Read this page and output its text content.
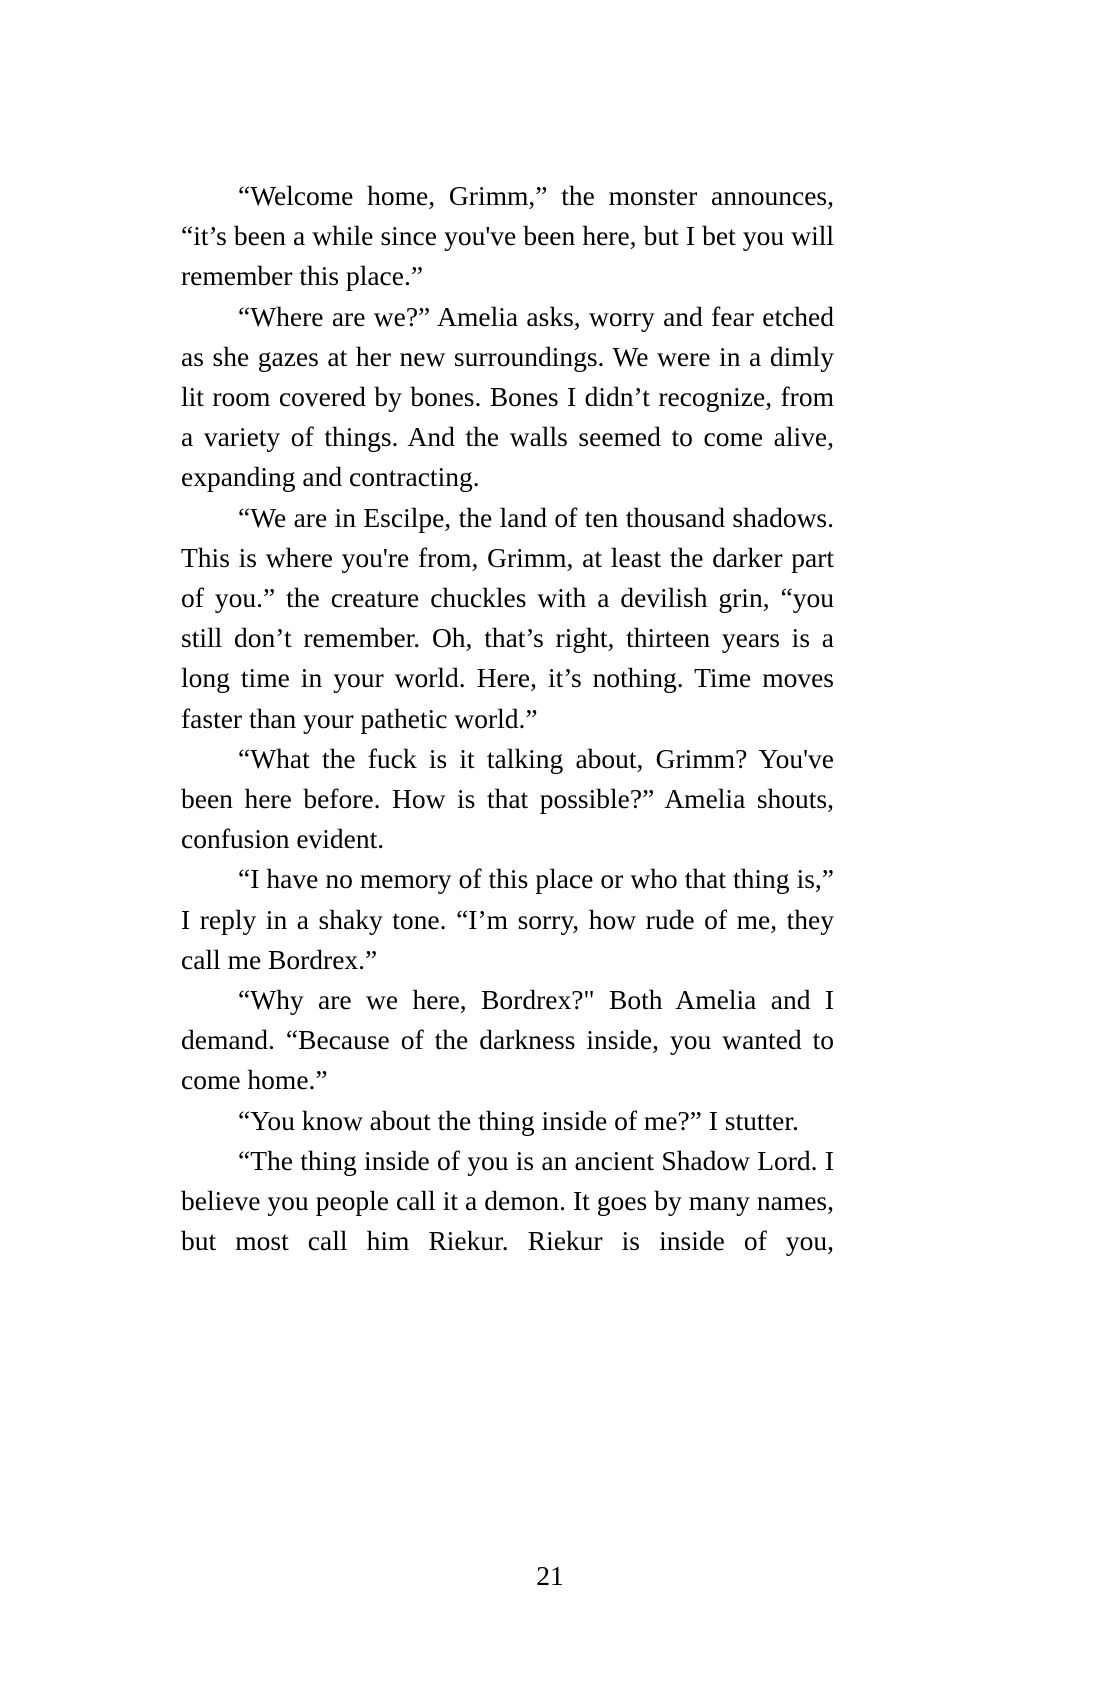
“Welcome home, Grimm,” the monster announces, “it’s been a while since you've been here, but I bet you will remember this place.”

“Where are we?” Amelia asks, worry and fear etched as she gazes at her new surroundings. We were in a dimly lit room covered by bones. Bones I didn’t recognize, from a variety of things. And the walls seemed to come alive, expanding and contracting.

“We are in Escilpe, the land of ten thousand shadows. This is where you're from, Grimm, at least the darker part of you.” the creature chuckles with a devilish grin, “you still don’t remember. Oh, that’s right, thirteen years is a long time in your world. Here, it’s nothing. Time moves faster than your pathetic world.”

“What the fuck is it talking about, Grimm? You've been here before. How is that possible?” Amelia shouts, confusion evident.

“I have no memory of this place or who that thing is,” I reply in a shaky tone. “I’m sorry, how rude of me, they call me Bordrex.”

“Why are we here, Bordrex?" Both Amelia and I demand. “Because of the darkness inside, you wanted to come home.”

“You know about the thing inside of me?” I stutter.

“The thing inside of you is an ancient Shadow Lord. I believe you people call it a demon. It goes by many names, but most call him Riekur. Riekur is inside of you,

21
